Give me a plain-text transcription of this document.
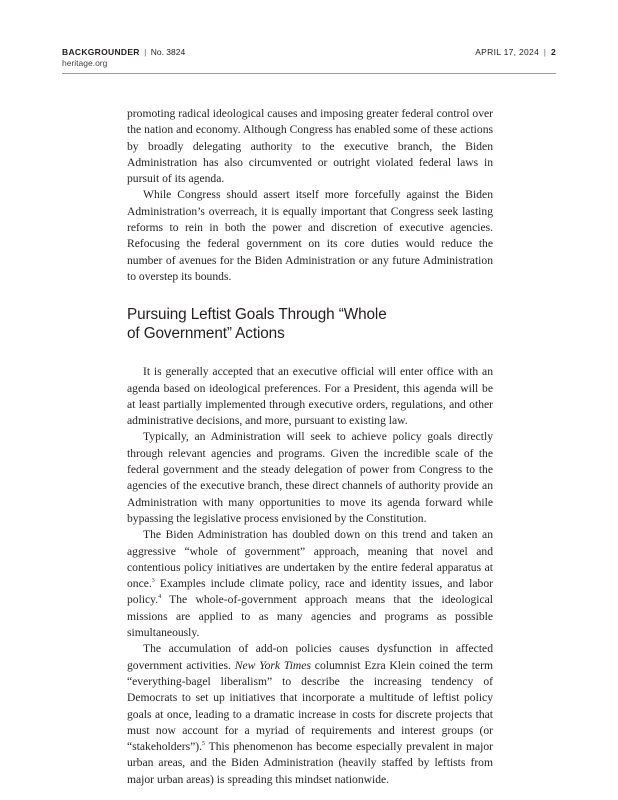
BACKGROUNDER | No. 3824
heritage.org
APRIL 17, 2024 | 2

promoting radical ideological causes and imposing greater federal control over the nation and economy. Although Congress has enabled some of these actions by broadly delegating authority to the executive branch, the Biden Administration has also circumvented or outright violated federal laws in pursuit of its agenda.

While Congress should assert itself more forcefully against the Biden Administration’s overreach, it is equally important that Congress seek lasting reforms to rein in both the power and discretion of executive agencies. Refocusing the federal government on its core duties would reduce the number of avenues for the Biden Administration or any future Administration to overstep its bounds.

Pursuing Leftist Goals Through “Whole
of Government” Actions

It is generally accepted that an executive official will enter office with an agenda based on ideological preferences. For a President, this agenda will be at least partially implemented through executive orders, regulations, and other administrative decisions, and more, pursuant to existing law.

Typically, an Administration will seek to achieve policy goals directly through relevant agencies and programs. Given the incredible scale of the federal government and the steady delegation of power from Congress to the agencies of the executive branch, these direct channels of authority provide an Administration with many opportunities to move its agenda forward while bypassing the legislative process envisioned by the Constitution.

The Biden Administration has doubled down on this trend and taken an aggressive “whole of government” approach, meaning that novel and contentious policy initiatives are undertaken by the entire federal apparatus at once.$^3$ Examples include climate policy, race and identity issues, and labor policy.$^4$ The whole-of-government approach means that the ideological missions are applied to as many agencies and programs as possible simultaneously.

The accumulation of add-on policies causes dysfunction in affected government activities. New York Times columnist Ezra Klein coined the term “everything-bagel liberalism” to describe the increasing tendency of Democrats to set up initiatives that incorporate a multitude of leftist policy goals at once, leading to a dramatic increase in costs for discrete projects that must now account for a myriad of requirements and interest groups (or “stakeholders”).$^5$ This phenomenon has become especially prevalent in major urban areas, and the Biden Administration (heavily staffed by leftists from major urban areas) is spreading this mindset nationwide.
